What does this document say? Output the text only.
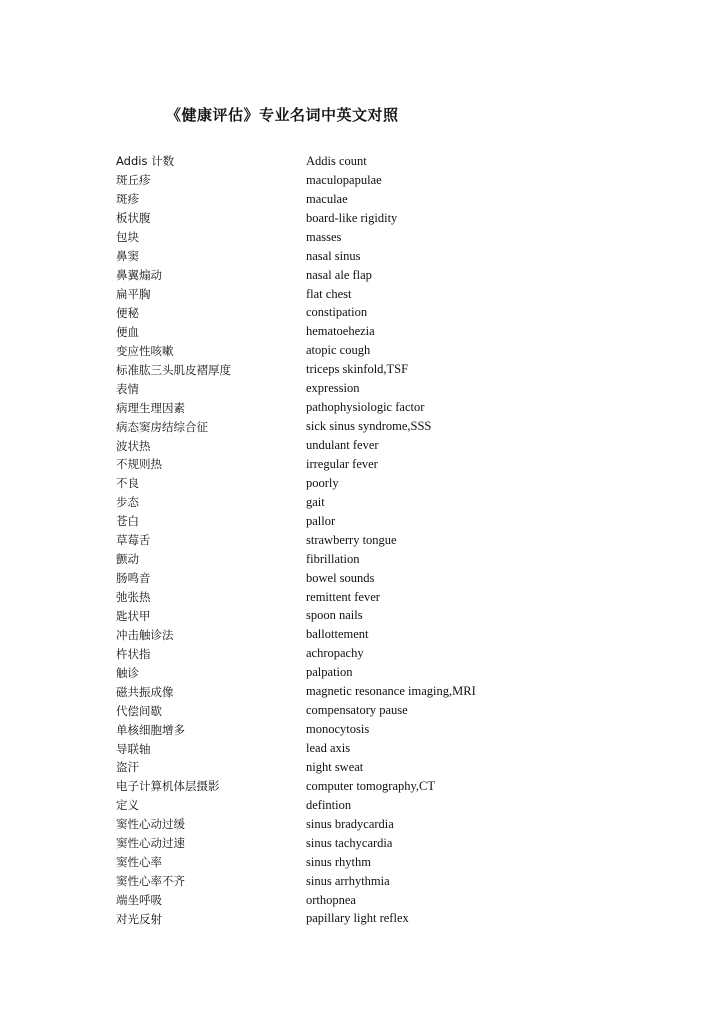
《健康评估》专业名词中英文对照
Addis 计数	Addis count
斑丘疹	maculopapulae
斑疹	maculae
板状腹	board-like rigidity
包块	masses
鼻窦	nasal sinus
鼻翼煽动	nasal ale flap
扁平胸	flat chest
便秘	constipation
便血	hematoehezia
变应性咳嗽	atopic cough
标准肱三头肌皮褶厚度	triceps skinfold,TSF
表情	expression
病理生理因素	pathophysiologic factor
病态窦房结综合征	sick sinus syndrome,SSS
波状热	undulant fever
不规则热	irregular fever
不良	poorly
步态	gait
苍白	pallor
草莓舌	strawberry tongue
颤动	fibrillation
肠鸣音	bowel sounds
弛张热	remittent fever
匙状甲	spoon nails
冲击触诊法	ballottement
杵状指	achropachy
触诊	palpation
磁共振成像	magnetic resonance imaging,MRI
代偿间歇	compensatory pause
单核细胞增多	monocytosis
导联轴	lead axis
盗汗	night sweat
电子计算机体层摄影	computer tomography,CT
定义	defintion
窦性心动过缓	sinus bradycardia
窦性心动过速	sinus tachycardia
窦性心率	sinus rhythm
窦性心率不齐	sinus arrhythmia
端坐呼吸	orthopnea
对光反射	papillary light reflex
